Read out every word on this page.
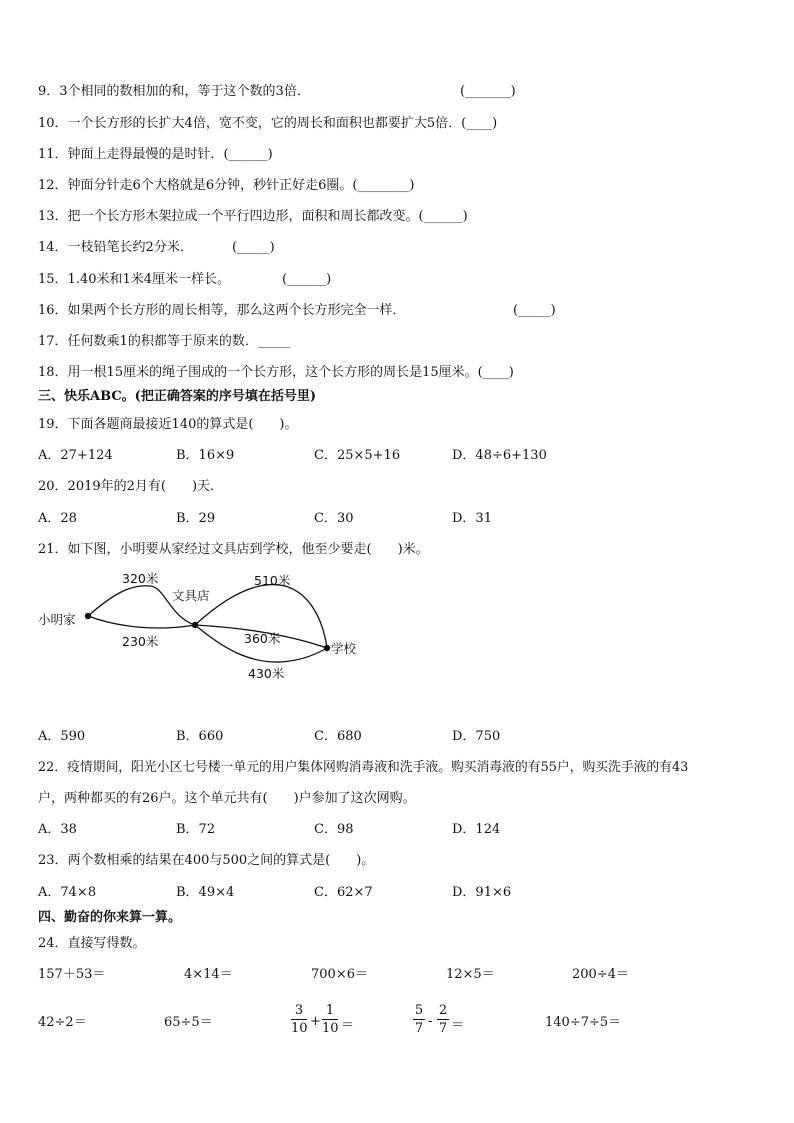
9．3个相同的数相加的和，等于这个数的3倍．	(_______)
10．一个长方形的长扩大4倍，宽不变，它的周长和面积也都要扩大5倍．(____)
11．钟面上走得最慢的是时针．(______)
12．钟面分针走6个大格就是6分钟，秒针正好走6圈。(________)
13．把一个长方形木架拉成一个平行四边形，面积和周长都改变。(______)
14．一枝铅笔长约2分米．	(_____)
15．1.40米和1米4厘米一样长。	(______)
16．如果两个长方形的周长相等，那么这两个长方形完全一样．	(_____)
17．任何数乘1的积都等于原来的数．_____
18．用一根15厘米的绳子围成的一个长方形，这个长方形的周长是15厘米。(____)
三、快乐ABC。(把正确答案的序号填在括号里)
19．下面各题商最接近140的算式是(　　)。
A．27+124	B．16×9	C．25×5+16	D．48÷6+130
20．2019年的2月有(　　)天．
A．28	B．29	C．30	D．31
21．如下图，小明要从家经过文具店到学校，他至少要走(　　)米。
小明家
文具店
学校
320米
230米
510米
360米
430米
A．590	B．660	C．680	D．750
22．疫情期间，阳光小区七号楼一单元的用户集体网购消毒液和洗手液。购买消毒液的有55户，购买洗手液的有43
户，两种都买的有26户。这个单元共有(　　)户参加了这次网购。
A．38	B．72	C．98	D．124
23．两个数相乘的结果在400与500之间的算式是(　　)。
A．74×8	B．49×4	C．62×7	D．91×6
四、勤奋的你来算一算。
24．直接写得数。
157＋53＝	4×14＝	700×6＝	12×5＝	200÷4＝
42÷2＝	65÷5＝	$\frac{3}{10} + \frac{1}{10}$ ＝	$\frac{5}{7} - \frac{2}{7}$ ＝	140÷7÷5＝
